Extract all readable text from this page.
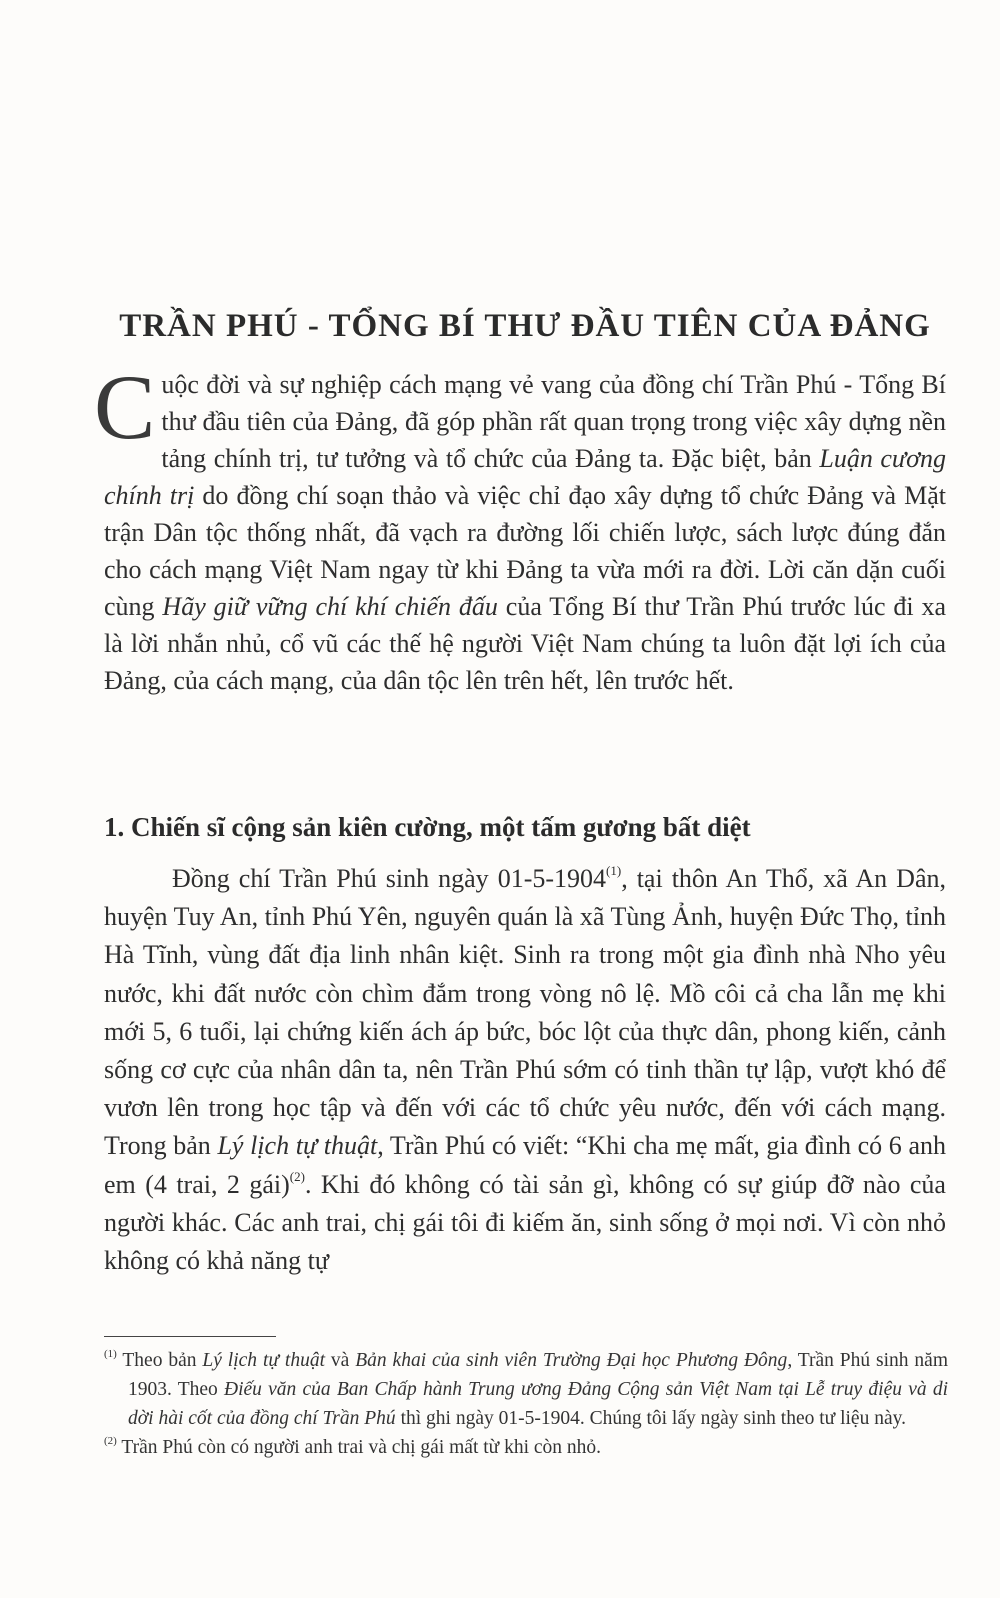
TRẦN PHÚ - TỔNG BÍ THƯ ĐẦU TIÊN CỦA ĐẢNG
Cuộc đời và sự nghiệp cách mạng vẻ vang của đồng chí Trần Phú - Tổng Bí thư đầu tiên của Đảng, đã góp phần rất quan trọng trong việc xây dựng nền tảng chính trị, tư tưởng và tổ chức của Đảng ta. Đặc biệt, bản Luận cương chính trị do đồng chí soạn thảo và việc chỉ đạo xây dựng tổ chức Đảng và Mặt trận Dân tộc thống nhất, đã vạch ra đường lối chiến lược, sách lược đúng đắn cho cách mạng Việt Nam ngay từ khi Đảng ta vừa mới ra đời. Lời căn dặn cuối cùng Hãy giữ vững chí khí chiến đấu của Tổng Bí thư Trần Phú trước lúc đi xa là lời nhắn nhủ, cổ vũ các thế hệ người Việt Nam chúng ta luôn đặt lợi ích của Đảng, của cách mạng, của dân tộc lên trên hết, lên trước hết.
1. Chiến sĩ cộng sản kiên cường, một tấm gương bất diệt
Đồng chí Trần Phú sinh ngày 01-5-1904$^{(1)}$, tại thôn An Thổ, xã An Dân, huyện Tuy An, tỉnh Phú Yên, nguyên quán là xã Tùng Ảnh, huyện Đức Thọ, tỉnh Hà Tĩnh, vùng đất địa linh nhân kiệt. Sinh ra trong một gia đình nhà Nho yêu nước, khi đất nước còn chìm đắm trong vòng nô lệ. Mồ côi cả cha lẫn mẹ khi mới 5, 6 tuổi, lại chứng kiến ách áp bức, bóc lột của thực dân, phong kiến, cảnh sống cơ cực của nhân dân ta, nên Trần Phú sớm có tinh thần tự lập, vượt khó để vươn lên trong học tập và đến với các tổ chức yêu nước, đến với cách mạng. Trong bản Lý lịch tự thuật, Trần Phú có viết: “Khi cha mẹ mất, gia đình có 6 anh em (4 trai, 2 gái)$^{(2)}$. Khi đó không có tài sản gì, không có sự giúp đỡ nào của người khác. Các anh trai, chị gái tôi đi kiếm ăn, sinh sống ở mọi nơi. Vì còn nhỏ không có khả năng tự
$^{(1)}$ Theo bản Lý lịch tự thuật và Bản khai của sinh viên Trường Đại học Phương Đông, Trần Phú sinh năm 1903. Theo Điếu văn của Ban Chấp hành Trung ương Đảng Cộng sản Việt Nam tại Lễ truy điệu và di dời hài cốt của đồng chí Trần Phú thì ghi ngày 01-5-1904. Chúng tôi lấy ngày sinh theo tư liệu này.
$^{(2)}$ Trần Phú còn có người anh trai và chị gái mất từ khi còn nhỏ.
